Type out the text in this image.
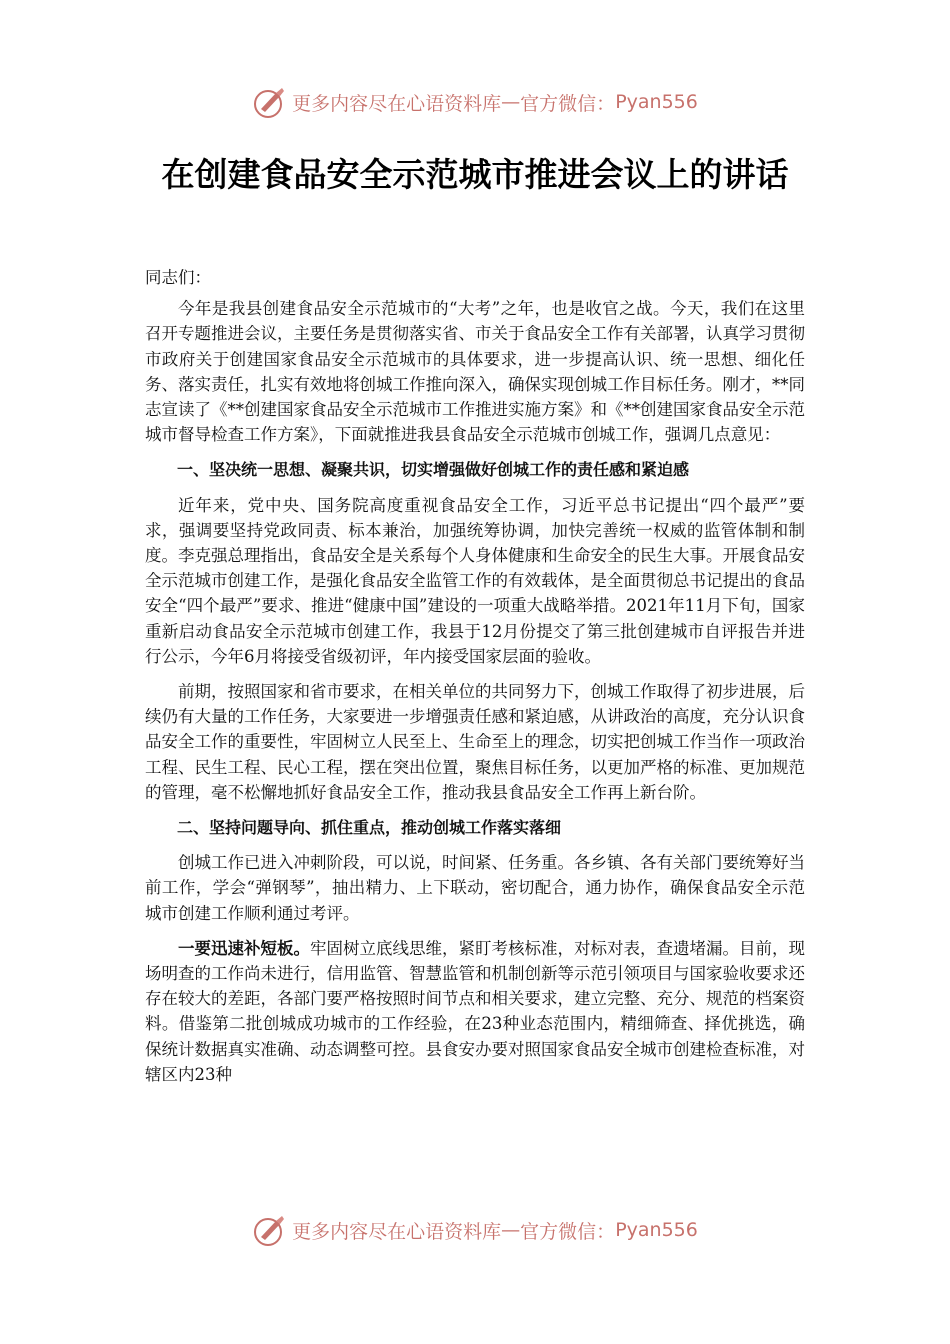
更多内容尽在心语资料库 — 官方微信： Pyan556
在创建食品安全示范城市推进会议上的讲话

同志们：

今年是我县创建食品安全示范城市的“大考”之年，也是收官之战。今天，我们在这里召开专题推进会议，主要任务是贯彻落实省、市关于食品安全工作有关部署，认真学习贯彻市政府关于创建国家食品安全示范城市的具体要求，进一步提高认识、统一思想、细化任务、落实责任，扎实有效地将创城工作推向深入，确保实现创城工作目标任务。刚才，**同志宣读了《**创建国家食品安全示范城市工作推进实施方案》和《**创建国家食品安全示范城市督导检查工作方案》，下面就推进我县食品安全示范城市创城工作，强调几点意见：

一、坚决统一思想、凝聚共识，切实增强做好创城工作的责任感和紧迫感

近年来，党中央、国务院高度重视食品安全工作，习近平总书记提出“四个最严”要求，强调要坚持党政同责、标本兼治，加强统筹协调，加快完善统一权威的监管体制和制度。李克强总理指出，食品安全是关系每个人身体健康和生命安全的民生大事。开展食品安全示范城市创建工作，是强化食品安全监管工作的有效载体，是全面贯彻总书记提出的食品安全“四个最严”要求、推进“健康中国”建设的一项重大战略举措。2021年11月下旬，国家重新启动食品安全示范城市创建工作，我县于12月份提交了第三批创建城市自评报告并进行公示，今年6月将接受省级初评，年内接受国家层面的验收。

前期，按照国家和省市要求，在相关单位的共同努力下，创城工作取得了初步进展，后续仍有大量的工作任务，大家要进一步增强责任感和紧迫感，从讲政治的高度，充分认识食品安全工作的重要性，牢固树立人民至上、生命至上的理念，切实把创城工作当作一项政治工程、民生工程、民心工程，摆在突出位置，聚焦目标任务，以更加严格的标准、更加规范的管理，毫不松懈地抓好食品安全工作，推动我县食品安全工作再上新台阶。

二、坚持问题导向、抓住重点，推动创城工作落实落细

创城工作已进入冲刺阶段，可以说，时间紧、任务重。各乡镇、各有关部门要统筹好当前工作，学会“弹钢琴”，抽出精力、上下联动，密切配合，通力协作，确保食品安全示范城市创建工作顺利通过考评。

一要迅速补短板。牢固树立底线思维，紧盯考核标准，对标对表，查遗堵漏。目前，现场明查的工作尚未进行，信用监管、智慧监管和机制创新等示范引领项目与国家验收要求还存在较大的差距，各部门要严格按照时间节点和相关要求，建立完整、充分、规范的档案资料。借鉴第二批创城成功城市的工作经验，在23种业态范围内，精细筛查、择优挑选，确保统计数据真实准确、动态调整可控。县食安办要对照国家食品安全城市创建检查标准，对辖区内23种

更多内容尽在心语资料库 — 官方微信： Pyan556
